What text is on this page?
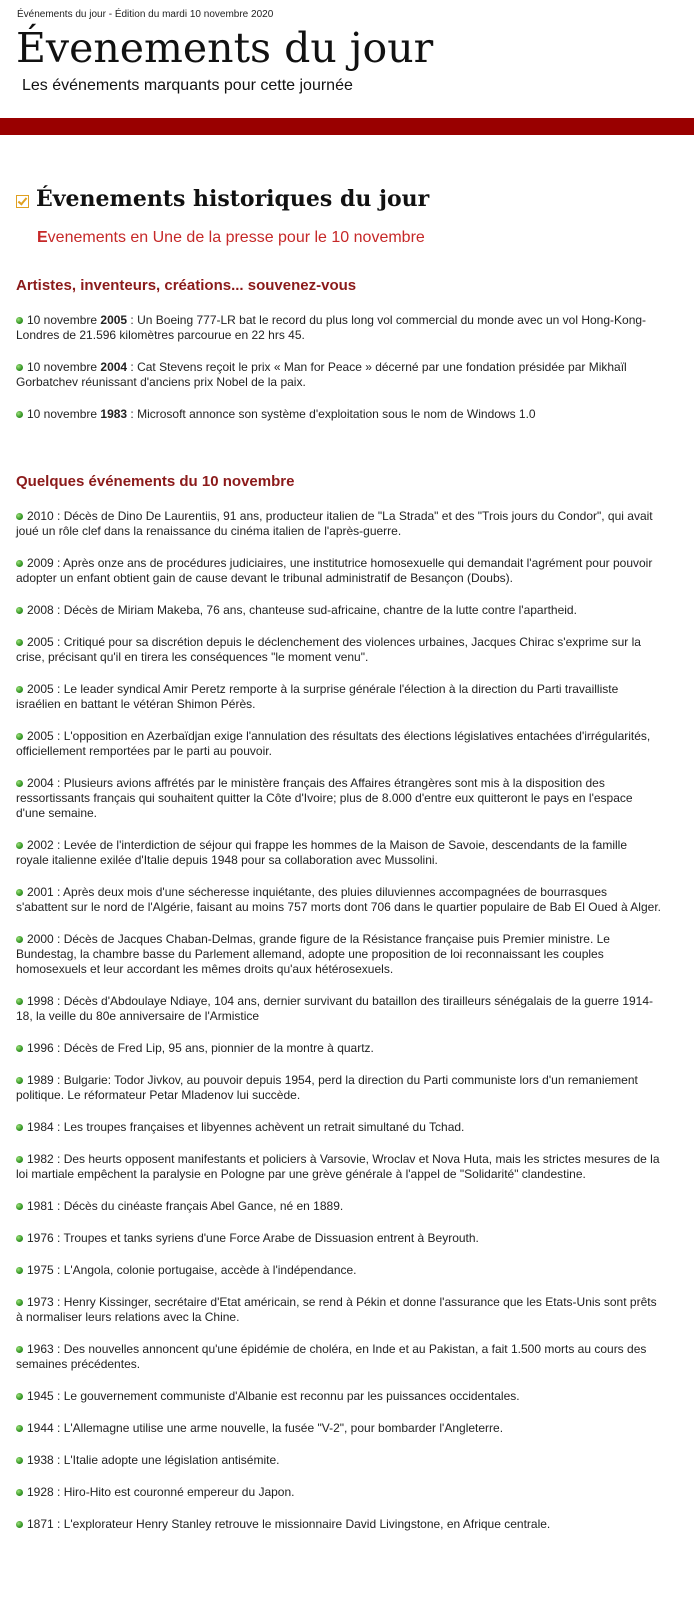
Événements du jour - Édition du mardi 10 novembre 2020
Évenements du jour
Les événements marquants pour cette journée
Évenements historiques du jour
Evenements en Une de la presse pour le 10 novembre
Artistes, inventeurs, créations... souvenez-vous
10 novembre 2005 : Un Boeing 777-LR bat le record du plus long vol commercial du monde avec un vol Hong-Kong-Londres de 21.596 kilomètres parcourue en 22 hrs 45.
10 novembre 2004 : Cat Stevens reçoit le prix « Man for Peace » décerné par une fondation présidée par Mikhaïl Gorbatchev réunissant d'anciens prix Nobel de la paix.
10 novembre 1983 : Microsoft annonce son système d'exploitation sous le nom de Windows 1.0
Quelques événements du 10 novembre
2010 : Décès de Dino De Laurentiis, 91 ans, producteur italien de "La Strada" et des "Trois jours du Condor", qui avait joué un rôle clef dans la renaissance du cinéma italien de l'après-guerre.
2009 : Après onze ans de procédures judiciaires, une institutrice homosexuelle qui demandait l'agrément pour pouvoir adopter un enfant obtient gain de cause devant le tribunal administratif de Besançon (Doubs).
2008 : Décès de Miriam Makeba, 76 ans, chanteuse sud-africaine, chantre de la lutte contre l'apartheid.
2005 : Critiqué pour sa discrétion depuis le déclenchement des violences urbaines, Jacques Chirac s'exprime sur la crise, précisant qu'il en tirera les conséquences "le moment venu".
2005 : Le leader syndical Amir Peretz remporte à la surprise générale l'élection à la direction du Parti travailliste israélien en battant le vétéran Shimon Pérès.
2005 : L'opposition en Azerbaïdjan exige l'annulation des résultats des élections législatives entachées d'irrégularités, officiellement remportées par le parti au pouvoir.
2004 : Plusieurs avions affrétés par le ministère français des Affaires étrangères sont mis à la disposition des ressortissants français qui souhaitent quitter la Côte d'Ivoire; plus de 8.000 d'entre eux quitteront le pays en l'espace d'une semaine.
2002 : Levée de l'interdiction de séjour qui frappe les hommes de la Maison de Savoie, descendants de la famille royale italienne exilée d'Italie depuis 1948 pour sa collaboration avec Mussolini.
2001 : Après deux mois d'une sécheresse inquiétante, des pluies diluviennes accompagnées de bourrasques s'abattent sur le nord de l'Algérie, faisant au moins 757 morts dont 706 dans le quartier populaire de Bab El Oued à Alger.
2000 : Décès de Jacques Chaban-Delmas, grande figure de la Résistance française puis Premier ministre. Le Bundestag, la chambre basse du Parlement allemand, adopte une proposition de loi reconnaissant les couples homosexuels et leur accordant les mêmes droits qu'aux hétérosexuels.
1998 : Décès d'Abdoulaye Ndiaye, 104 ans, dernier survivant du bataillon des tirailleurs sénégalais de la guerre 1914-18, la veille du 80e anniversaire de l'Armistice
1996 : Décès de Fred Lip, 95 ans, pionnier de la montre à quartz.
1989 : Bulgarie: Todor Jivkov, au pouvoir depuis 1954, perd la direction du Parti communiste lors d'un remaniement politique. Le réformateur Petar Mladenov lui succède.
1984 : Les troupes françaises et libyennes achèvent un retrait simultané du Tchad.
1982 : Des heurts opposent manifestants et policiers à Varsovie, Wroclav et Nova Huta, mais les strictes mesures de la loi martiale empêchent la paralysie en Pologne par une grève générale à l'appel de "Solidarité" clandestine.
1981 : Décès du cinéaste français Abel Gance, né en 1889.
1976 : Troupes et tanks syriens d'une Force Arabe de Dissuasion entrent à Beyrouth.
1975 : L'Angola, colonie portugaise, accède à l'indépendance.
1973 : Henry Kissinger, secrétaire d'Etat américain, se rend à Pékin et donne l'assurance que les Etats-Unis sont prêts à normaliser leurs relations avec la Chine.
1963 : Des nouvelles annoncent qu'une épidémie de choléra, en Inde et au Pakistan, a fait 1.500 morts au cours des semaines précédentes.
1945 : Le gouvernement communiste d'Albanie est reconnu par les puissances occidentales.
1944 : L'Allemagne utilise une arme nouvelle, la fusée "V-2", pour bombarder l'Angleterre.
1938 : L'Italie adopte une législation antisémite.
1928 : Hiro-Hito est couronné empereur du Japon.
1871 : L'explorateur Henry Stanley retrouve le missionnaire David Livingstone, en Afrique centrale.
